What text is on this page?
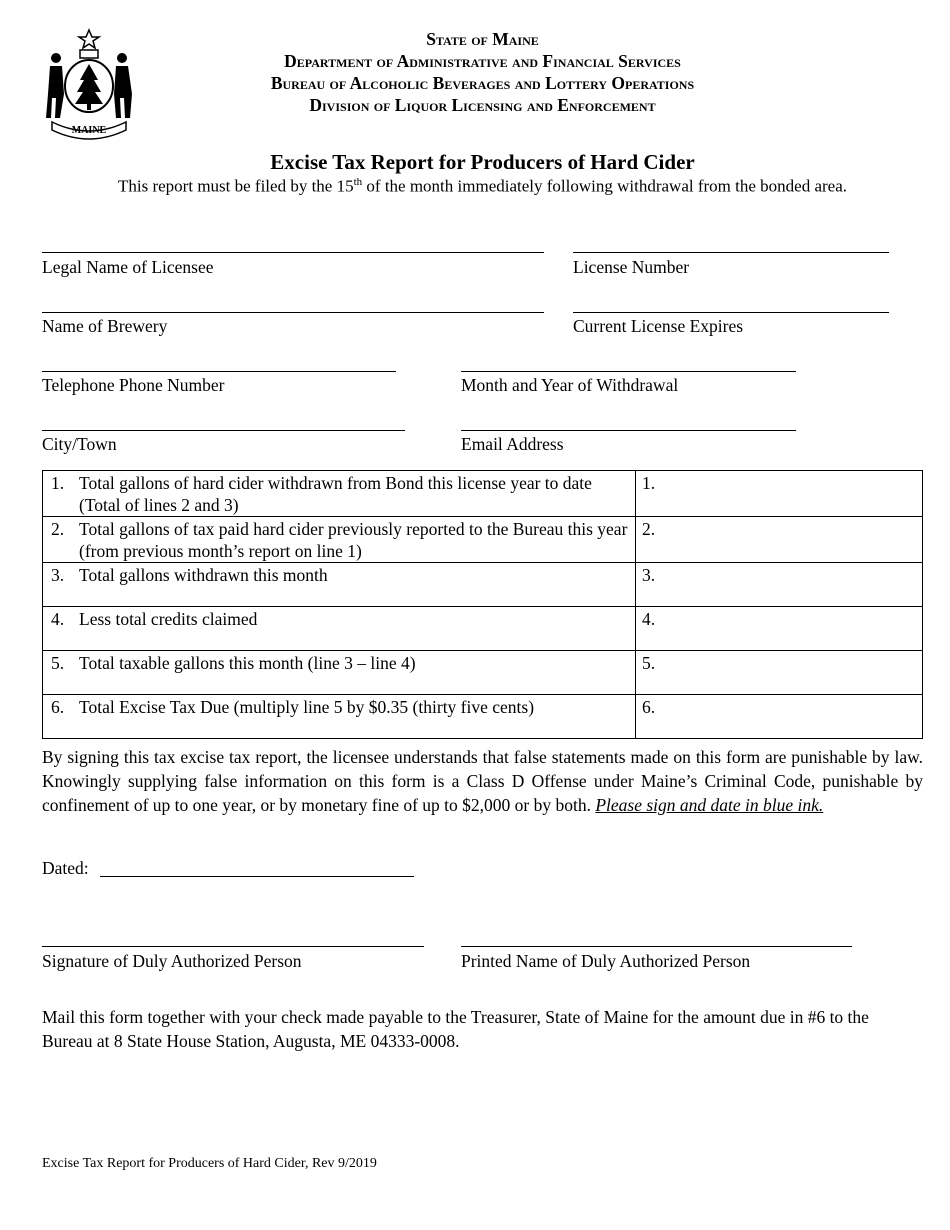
MAINE
State of Maine
Department of Administrative and Financial Services
Bureau of Alcoholic Beverages and Lottery Operations
Division of Liquor Licensing and Enforcement
Excise Tax Report for Producers of Hard Cider
This report must be filed by the 15th of the month immediately following withdrawal from the bonded area.
Legal Name of Licensee	License Number
Name of Brewery	Current License Expires
Telephone Phone Number	Month and Year of Withdrawal
City/Town	Email Address
1. Total gallons of hard cider withdrawn from Bond this license year to date (Total of lines 2 and 3)	1.

2. Total gallons of tax paid hard cider previously reported to the Bureau this year (from previous month’s report on line 1)	2.

3. Total gallons withdrawn this month	3.

4. Less total credits claimed	4.

5. Total taxable gallons this month (line 3 – line 4)	5.

6. Total Excise Tax Due (multiply line 5 by $0.35 (thirty five cents)	6.
By signing this tax excise tax report, the licensee understands that false statements made on this form are punishable by law. Knowingly supplying false information on this form is a Class D Offense under Maine’s Criminal Code, punishable by confinement of up to one year, or by monetary fine of up to $2,000 or by both. Please sign and date in blue ink.
Dated:
Signature of Duly Authorized Person	Printed Name of Duly Authorized Person
Mail this form together with your check made payable to the Treasurer, State of Maine for the amount due in #6 to the Bureau at 8 State House Station, Augusta, ME 04333-0008.
Excise Tax Report for Producers of Hard Cider, Rev 9/2019
